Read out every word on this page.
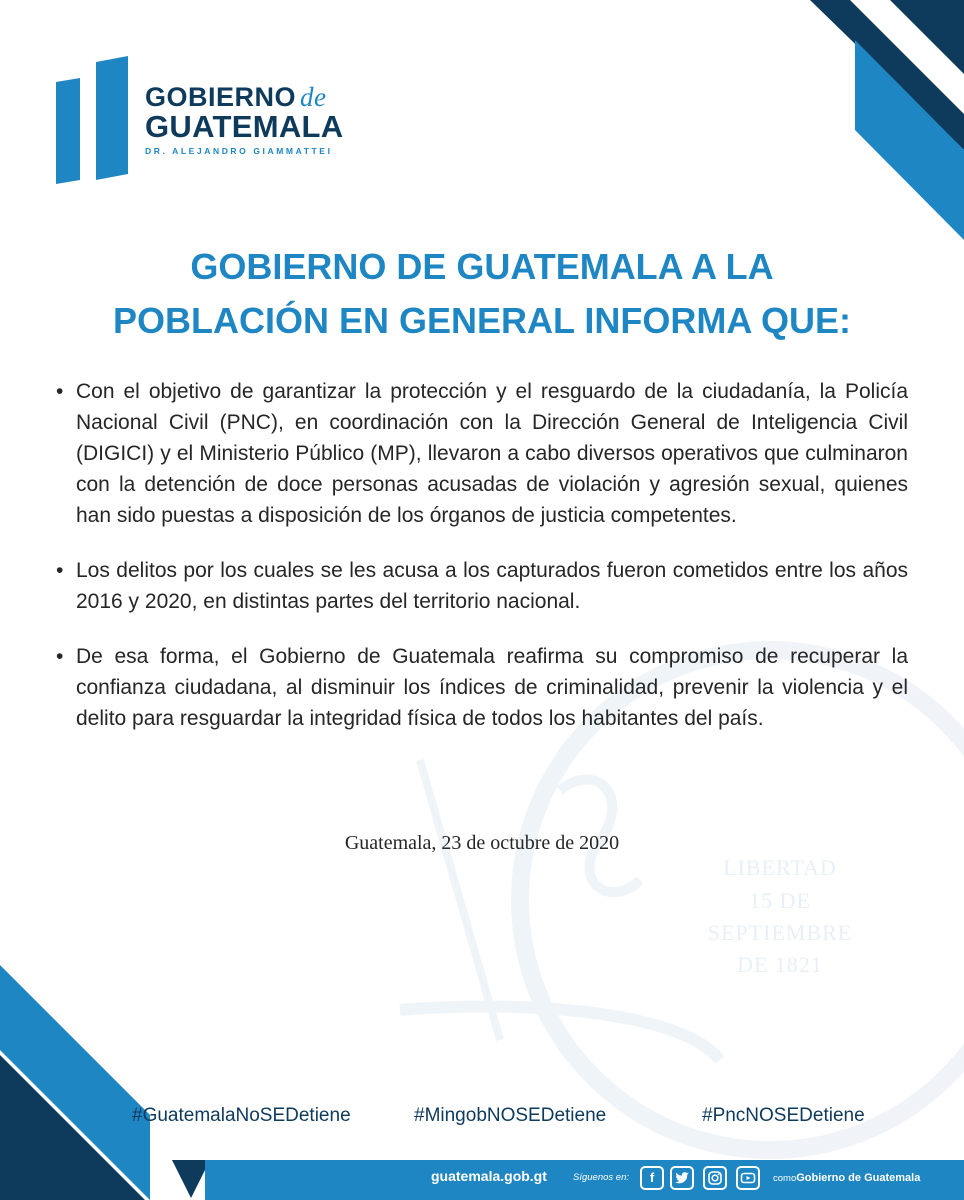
LIBERTAD
15 DE
SEPTIEMBRE
DE 1821
GOBIERNO de
GUATEMALA
DR. ALEJANDRO GIAMMATTEI
GOBIERNO DE GUATEMALA A LA
POBLACIÓN EN GENERAL INFORMA QUE:

• Con el objetivo de garantizar la protección y el resguardo de la ciudadanía, la Policía Nacional Civil (PNC), en coordinación con la Dirección General de Inteligencia Civil (DIGICI) y el Ministerio Público (MP), llevaron a cabo diversos operativos que culminaron con la detención de doce personas acusadas de violación y agresión sexual, quienes han sido puestas a disposición de los órganos de justicia competentes.

• Los delitos por los cuales se les acusa a los capturados fueron cometidos entre los años 2016 y 2020, en distintas partes del territorio nacional.

• De esa forma, el Gobierno de Guatemala reafirma su compromiso de recuperar la confianza ciudadana, al disminuir los índices de criminalidad, prevenir la violencia y el delito para resguardar la integridad física de todos los habitantes del país.

Guatemala, 23 de octubre de 2020
#GuatemalaNoSEDetiene	#MingobNOSEDetiene	#PncNOSEDetiene
guatemala.gob.gt	Síguenos en:	f	comoGobierno de Guatemala
